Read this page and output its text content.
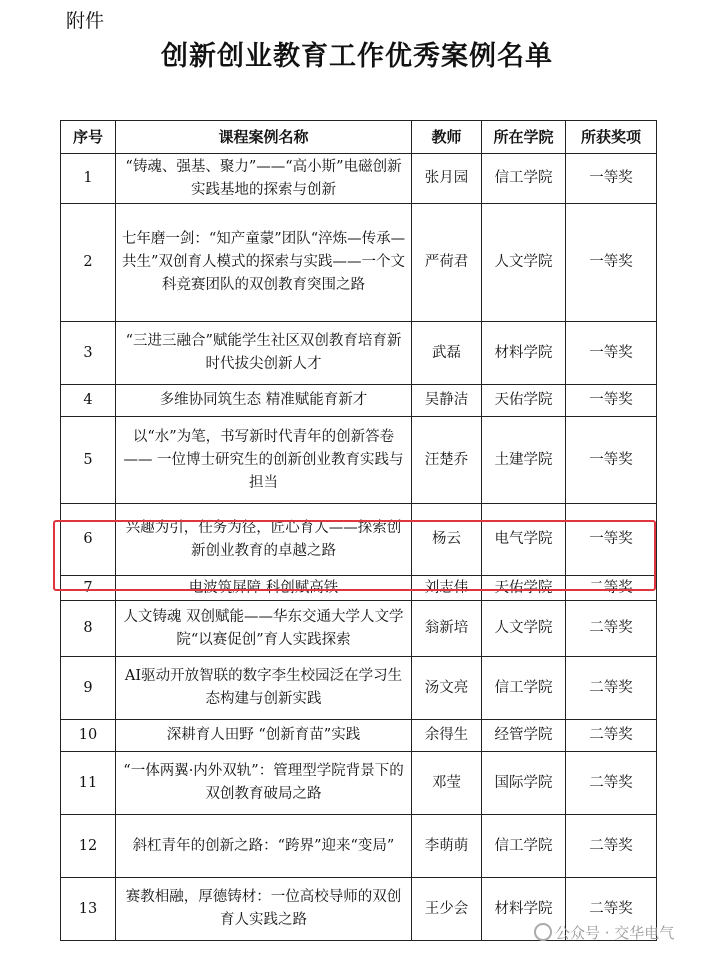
附件
创新创业教育工作优秀案例名单
序号	课程案例名称	教师	所在学院	所获奖项
1	“铸魂、强基、聚力”——“高小斯”电磁创新实践基地的探索与创新	张月园	信工学院	一等奖
2	七年磨一剑：“知产童蒙”团队“淬炼—传承—共生”双创育人模式的探索与实践——一个文科竞赛团队的双创教育突围之路	严荷君	人文学院	一等奖
3	“三进三融合”赋能学生社区双创教育培育新时代拔尖创新人才	武磊	材料学院	一等奖
4	多维协同筑生态 精准赋能育新才	吴静洁	天佑学院	一等奖
5	以“水”为笔，书写新时代青年的创新答卷—— 一位博士研究生的创新创业教育实践与担当	汪楚乔	土建学院	一等奖
6	兴趣为引，任务为径，匠心育人——探索创新创业教育的卓越之路	杨云	电气学院	一等奖
7	电波筑屏障 科创赋高铁	刘志伟	天佑学院	二等奖
8	人文铸魂 双创赋能——华东交通大学人文学院“以赛促创”育人实践探索	翁新培	人文学院	二等奖
9	AI驱动开放智联的数字李生校园泛在学习生态构建与创新实践	汤文亮	信工学院	二等奖
10	深耕育人田野 “创新育苗”实践	余得生	经管学院	二等奖
11	“一体两翼·内外双轨”：管理型学院背景下的双创教育破局之路	邓莹	国际学院	二等奖
12	斜杠青年的创新之路：“跨界”迎来“变局”	李萌萌	信工学院	二等奖
13	赛教相融，厚德铸材：一位高校导师的双创育人实践之路	王少会	材料学院	二等奖
公众号 · 交华电气
